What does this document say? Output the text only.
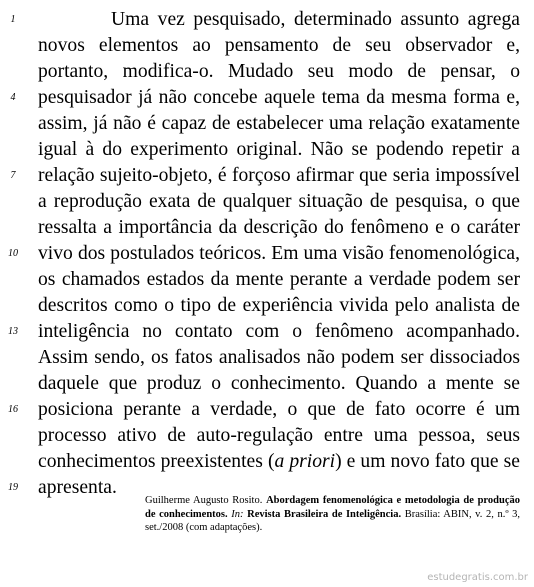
Uma vez pesquisado, determinado assunto agrega
novos elementos ao pensamento de seu observador e,
portanto, modifica-o. Mudado seu modo de pensar, o
pesquisador já não concebe aquele tema da mesma forma e,
assim, já não é capaz de estabelecer uma relação exatamente
igual à do experimento original. Não se podendo repetir a
relação sujeito-objeto, é forçoso afirmar que seria impossível
a reprodução exata de qualquer situação de pesquisa, o que
ressalta a importância da descrição do fenômeno e o caráter
vivo dos postulados teóricos. Em uma visão fenomenológica,
os chamados estados da mente perante a verdade podem ser
descritos como o tipo de experiência vivida pelo analista de
inteligência no contato com o fenômeno acompanhado.
Assim sendo, os fatos analisados não podem ser dissociados
daquele que produz o conhecimento. Quando a mente se
posiciona perante a verdade, o que de fato ocorre é um
processo ativo de auto-regulação entre uma pessoa, seus
conhecimentos preexistentes (a priori) e um novo fato que se
apresenta.
1
4
7
10
13
16
19
Guilherme Augusto Rosito. Abordagem fenomenológica e metodologia de produção de conhecimentos. In: Revista Brasileira de Inteligência. Brasília: ABIN, v. 2, n.º 3, set./2008 (com adaptações).
estudegratis.com.br
